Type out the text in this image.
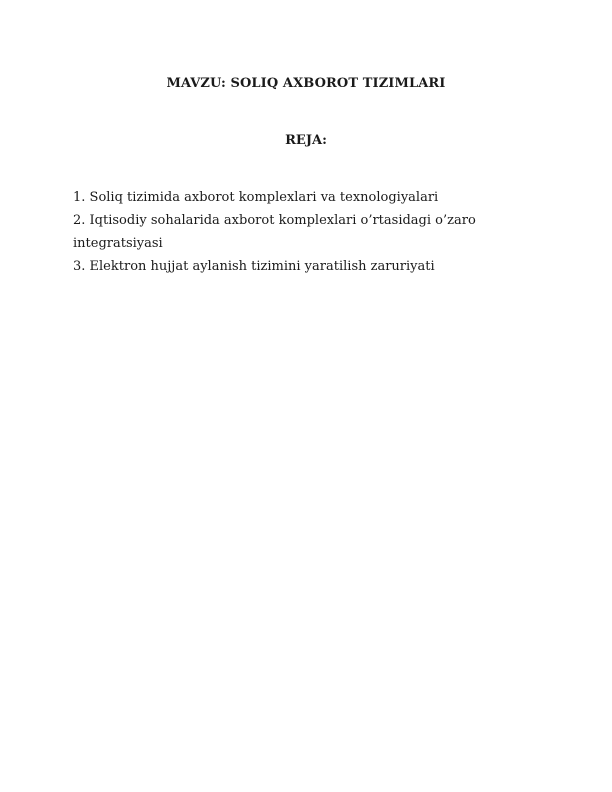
MAVZU: SOLIQ AXBOROT TIZIMLARI
REJA:

1. Soliq tizimida axborot komplexlari va texnologiyalari

2. Iqtisodiy sohalarida axborot komplexlari o’rtasidagi o’zaro integratsiyasi

3. Elektron hujjat aylanish tizimini yaratilish zaruriyati
